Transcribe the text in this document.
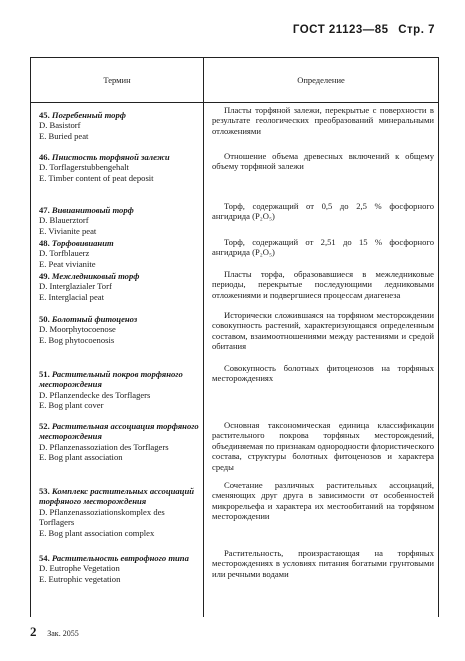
ГОСТ 21123—85 Стр. 7
Термин	Определение
45. Погребенный торф
D. Basistorf
E. Buried peat
Пласты торфяной залежи, перекрытые с поверхности в результате геологических преобразований минеральными отложениями
46. Пнистость торфяной залежи
D. Torflagerstubbengehalt
E. Timber content of peat deposit
Отношение объема древесных включений к общему объему торфяной залежи
47. Вивианитовый торф
D. Blauerztorf
E. Vivianite peat
Торф, содержащий от 0,5 до 2,5 % фосфорного ангидрида (P₂O₅)
48. Торфовивианит
D. Torfblauerz
E. Peat vivianite
Торф, содержащий от 2,51 до 15 % фосфорного ангидрида (P₂O₅)
49. Межледниковый торф
D. Interglazialer Torf
E. Interglacial peat
Пласты торфа, образовавшиеся в межледниковые периоды, перекрытые последующими ледниковыми отложениями и подвергшиеся процессам диагенеза
50. Болотный фитоценоз
D. Moorphytocoenose
E. Bog phytocoenosis
Исторически сложившаяся на торфяном месторождении совокупность растений, характеризующаяся определенным составом, взаимоотношениями между растениями и средой обитания
51. Растительный покров торфяного месторождения
D. Pflanzendecke des Torflagers
E. Bog plant cover
Совокупность болотных фитоценозов на торфяных месторождениях
52. Растительная ассоциация торфяного месторождения
D. Pflanzenassoziation des Torflagers
E. Bog plant association
Основная таксономическая единица классификации растительного покрова торфяных месторождений, объединяемая по признакам однородности флористического состава, структуры болотных фитоценозов и характера среды
53. Комплекс растительных ассоциаций торфяного месторождения
D. Pflanzenassoziationskomplex des Torflagers
E. Bog plant association complex
Сочетание различных растительных ассоциаций, сменяющих друг друга в зависимости от особенностей микрорельефа и характера их местообитаний на торфяном месторождении
54. Растительность евтрофного типа
D. Eutrophe Vegetation
E. Eutrophic vegetation
Растительность, произрастающая на торфяных месторождениях в условиях питания богатыми грунтовыми или речными водами
2 Зак. 2055
